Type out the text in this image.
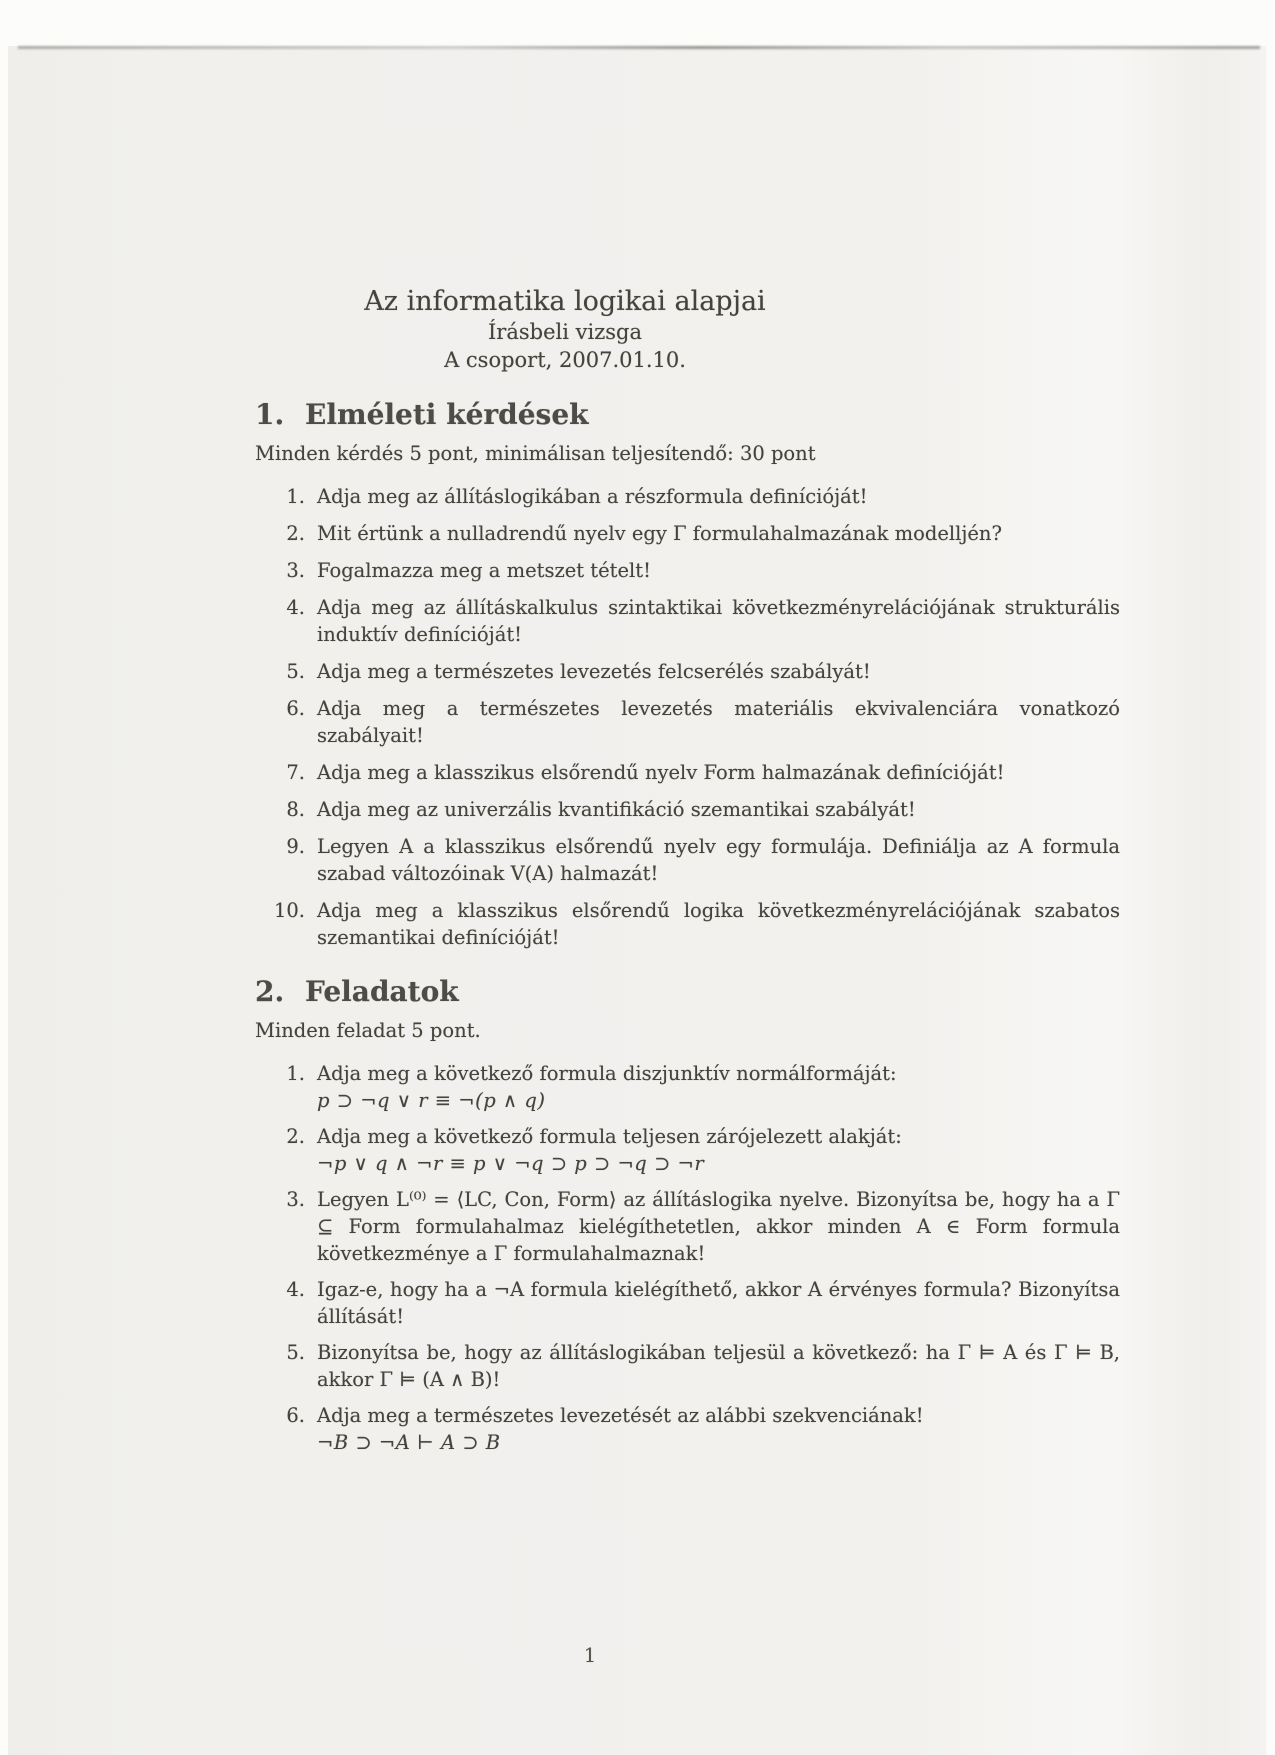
Az informatika logikai alapjai
Írásbeli vizsga
A csoport, 2007.01.10.
1. Elméleti kérdések

Minden kérdés 5 pont, minimálisan teljesítendő: 30 pont

Adja meg az állításlogikában a részformula definícióját!
Mit értünk a nulladrendű nyelv egy Γ formulahalmazának modelljén?
Fogalmazza meg a metszet tételt!
Adja meg az állításkalkulus szintaktikai következményrelációjának strukturális induktív definícióját!
Adja meg a természetes levezetés felcserélés szabályát!
Adja meg a természetes levezetés materiális ekvivalenciára vonatkozó szabályait!
Adja meg a klasszikus elsőrendű nyelv Form halmazának definícióját!
Adja meg az univerzális kvantifikáció szemantikai szabályát!
Legyen A a klasszikus elsőrendű nyelv egy formulája. Definiálja az A formula szabad változóinak V(A) halmazát!
Adja meg a klasszikus elsőrendű logika következményrelációjának szabatos szemantikai definícióját!
2. Feladatok

Minden feladat 5 pont.

Adja meg a következő formula diszjunktív normálformáját:
p ⊃ ¬q ∨ r ≡ ¬(p ∧ q)
Adja meg a következő formula teljesen zárójelezett alakját:
¬p ∨ q ∧ ¬r ≡ p ∨ ¬q ⊃ p ⊃ ¬q ⊃ ¬r
Legyen L⁽⁰⁾ = ⟨LC, Con, Form⟩ az állításlogika nyelve. Bizonyítsa be, hogy ha a Γ ⊆ Form formulahalmaz kielégíthetetlen, akkor minden A ∈ Form formula következménye a Γ formulahalmaznak!
Igaz-e, hogy ha a ¬A formula kielégíthető, akkor A érvényes formula? Bizonyítsa állítását!
Bizonyítsa be, hogy az állításlogikában teljesül a következő: ha Γ ⊨ A és Γ ⊨ B, akkor Γ ⊨ (A ∧ B)!
Adja meg a természetes levezetését az alábbi szekvenciának!
¬B ⊃ ¬A ⊢ A ⊃ B
1
